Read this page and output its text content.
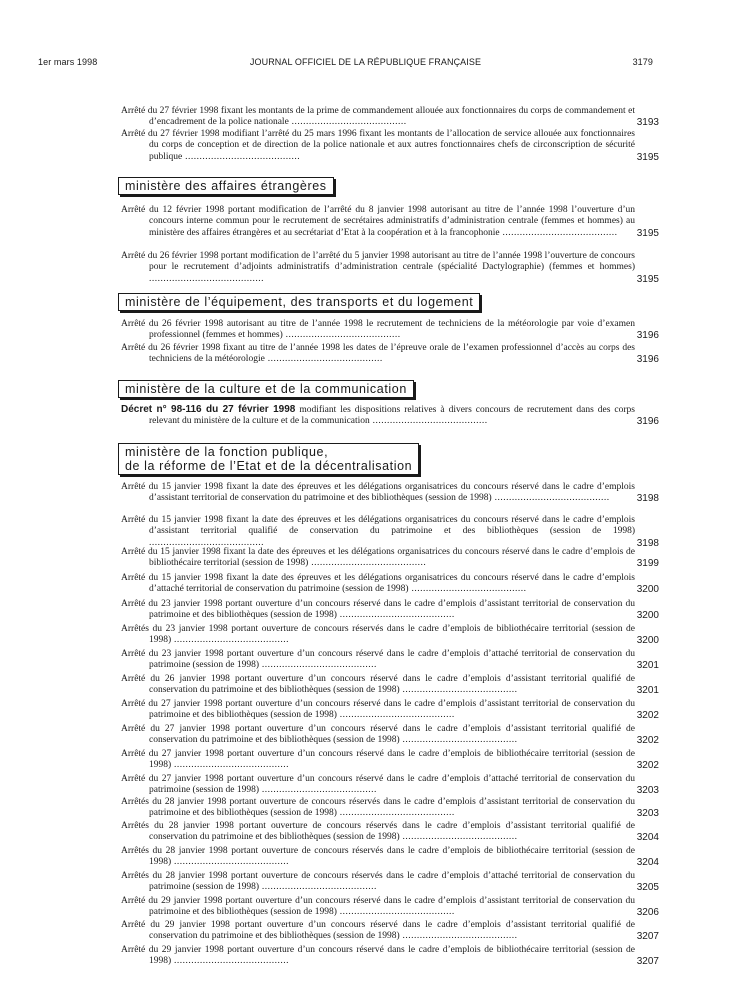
1er mars 1998	JOURNAL OFFICIEL DE LA RÉPUBLIQUE FRANÇAISE	3179
Arrêté du 27 février 1998 fixant les montants de la prime de commandement allouée aux fonctionnaires du corps de commandement et d’encadrement de la police nationale ........................................	3193
Arrêté du 27 février 1998 modifiant l’arrêté du 25 mars 1996 fixant les montants de l’allocation de service allouée aux fonctionnaires du corps de conception et de direction de la police nationale et aux autres fonctionnaires chefs de circonscription de sécurité publique ........................................	3195
ministère des affaires étrangères
Arrêté du 12 février 1998 portant modification de l’arrêté du 8 janvier 1998 autorisant au titre de l’année 1998 l’ouverture d’un concours interne commun pour le recrutement de secrétaires administratifs d’administration centrale (femmes et hommes) au ministère des affaires étrangères et au secrétariat d’Etat à la coopération et à la francophonie ........................................	3195
Arrêté du 26 février 1998 portant modification de l’arrêté du 5 janvier 1998 autorisant au titre de l’année 1998 l’ouverture de concours pour le recrutement d’adjoints administratifs d’administration centrale (spécialité Dactylographie) (femmes et hommes) ........................................	3195
ministère de l’équipement, des transports et du logement
Arrêté du 26 février 1998 autorisant au titre de l’année 1998 le recrutement de techniciens de la météorologie par voie d’examen professionnel (femmes et hommes) ........................................	3196
Arrêté du 26 février 1998 fixant au titre de l’année 1998 les dates de l’épreuve orale de l’examen professionnel d’accès au corps des techniciens de la météorologie ........................................	3196
ministère de la culture et de la communication
Décret n° 98-116 du 27 février 1998 modifiant les dispositions relatives à divers concours de recrutement dans des corps relevant du ministère de la culture et de la communication ........................................	3196
ministère de la fonction publique,
de la réforme de l’Etat et de la décentralisation
Arrêté du 15 janvier 1998 fixant la date des épreuves et les délégations organisatrices du concours réservé dans le cadre d’emplois d’assistant territorial de conservation du patrimoine et des bibliothèques (session de 1998) ........................................	3198
Arrêté du 15 janvier 1998 fixant la date des épreuves et les délégations organisatrices du concours réservé dans le cadre d’emplois d’assistant territorial qualifié de conservation du patrimoine et des bibliothèques (session de 1998) ........................................	3198
Arrêté du 15 janvier 1998 fixant la date des épreuves et les délégations organisatrices du concours réservé dans le cadre d’emplois de bibliothécaire territorial (session de 1998) ........................................	3199
Arrêté du 15 janvier 1998 fixant la date des épreuves et les délégations organisatrices du concours réservé dans le cadre d’emplois d’attaché territorial de conservation du patrimoine (session de 1998) ........................................	3200
Arrêté du 23 janvier 1998 portant ouverture d’un concours réservé dans le cadre d’emplois d’assistant territorial de conservation du patrimoine et des bibliothèques (session de 1998) ........................................	3200
Arrêtés du 23 janvier 1998 portant ouverture de concours réservés dans le cadre d’emplois de bibliothécaire territorial (session de 1998) ........................................	3200
Arrêté du 23 janvier 1998 portant ouverture d’un concours réservé dans le cadre d’emplois d’attaché territorial de conservation du patrimoine (session de 1998) ........................................	3201
Arrêté du 26 janvier 1998 portant ouverture d’un concours réservé dans le cadre d’emplois d’assistant territorial qualifié de conservation du patrimoine et des bibliothèques (session de 1998) ........................................	3201
Arrêté du 27 janvier 1998 portant ouverture d’un concours réservé dans le cadre d’emplois d’assistant territorial de conservation du patrimoine et des bibliothèques (session de 1998) ........................................	3202
Arrêté du 27 janvier 1998 portant ouverture d’un concours réservé dans le cadre d’emplois d’assistant territorial qualifié de conservation du patrimoine et des bibliothèques (session de 1998) ........................................	3202
Arrêté du 27 janvier 1998 portant ouverture d’un concours réservé dans le cadre d’emplois de bibliothécaire territorial (session de 1998) ........................................	3202
Arrêté du 27 janvier 1998 portant ouverture d’un concours réservé dans le cadre d’emplois d’attaché territorial de conservation du patrimoine (session de 1998) ........................................	3203
Arrêtés du 28 janvier 1998 portant ouverture de concours réservés dans le cadre d’emplois d’assistant territorial de conservation du patrimoine et des bibliothèques (session de 1998) ........................................	3203
Arrêtés du 28 janvier 1998 portant ouverture de concours réservés dans le cadre d’emplois d’assistant territorial qualifié de conservation du patrimoine et des bibliothèques (session de 1998) ........................................	3204
Arrêtés du 28 janvier 1998 portant ouverture de concours réservés dans le cadre d’emplois de bibliothécaire territorial (session de 1998) ........................................	3204
Arrêtés du 28 janvier 1998 portant ouverture de concours réservés dans le cadre d’emplois d’attaché territorial de conservation du patrimoine (session de 1998) ........................................	3205
Arrêté du 29 janvier 1998 portant ouverture d’un concours réservé dans le cadre d’emplois d’assistant territorial de conservation du patrimoine et des bibliothèques (session de 1998) ........................................	3206
Arrêté du 29 janvier 1998 portant ouverture d’un concours réservé dans le cadre d’emplois d’assistant territorial qualifié de conservation du patrimoine et des bibliothèques (session de 1998) ........................................	3207
Arrêté du 29 janvier 1998 portant ouverture d’un concours réservé dans le cadre d’emplois de bibliothécaire territorial (session de 1998) ........................................	3207
